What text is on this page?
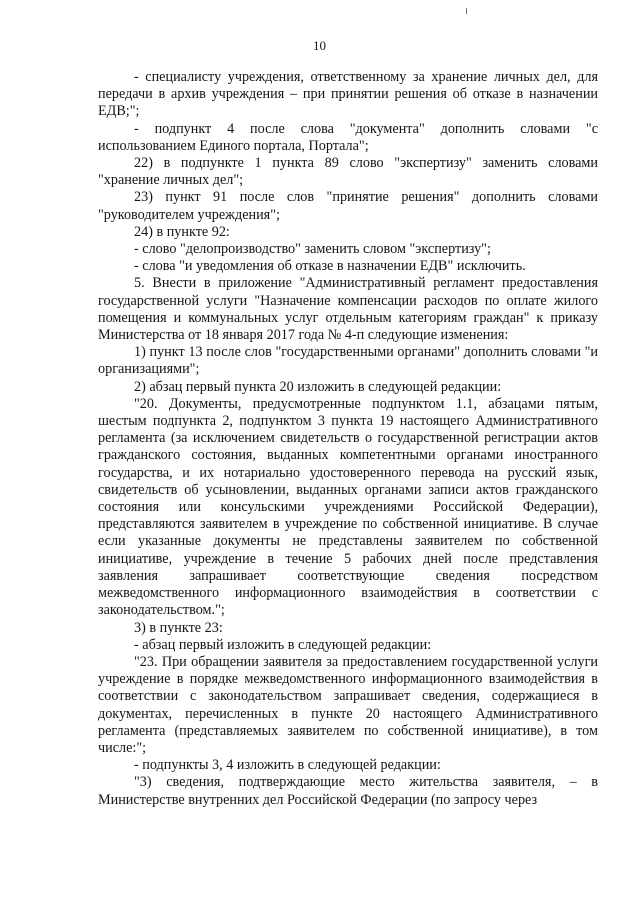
10

- специалисту учреждения, ответственному за хранение личных дел, для передачи в архив учреждения – при принятии решения об отказе в назначении ЕДВ;";

- подпункт 4 после слова "документа" дополнить словами "с использованием Единого портала, Портала";

22) в подпункте 1 пункта 89 слово "экспертизу" заменить словами "хранение личных дел";

23) пункт 91 после слов "принятие решения" дополнить словами "руководителем учреждения";

24) в пункте 92:

- слово "делопроизводство" заменить словом "экспертизу";

- слова "и уведомления об отказе в назначении ЕДВ" исключить.

5. Внести в приложение "Административный регламент предоставления государственной услуги "Назначение компенсации расходов по оплате жилого помещения и коммунальных услуг отдельным категориям граждан" к приказу Министерства от 18 января 2017 года № 4-п следующие изменения:

1) пункт 13 после слов "государственными органами" дополнить словами "и организациями";

2) абзац первый пункта 20 изложить в следующей редакции:

"20. Документы, предусмотренные подпунктом 1.1, абзацами пятым, шестым подпункта 2, подпунктом 3 пункта 19 настоящего Административного регламента (за исключением свидетельств о государственной регистрации актов гражданского состояния, выданных компетентными органами иностранного государства, и их нотариально удостоверенного перевода на русский язык, свидетельств об усыновлении, выданных органами записи актов гражданского состояния или консульскими учреждениями Российской Федерации), представляются заявителем в учреждение по собственной инициативе. В случае если указанные документы не представлены заявителем по собственной инициативе, учреждение в течение 5 рабочих дней после представления заявления запрашивает соответствующие сведения посредством межведомственного информационного взаимодействия в соответствии с законодательством.";

3) в пункте 23:

- абзац первый изложить в следующей редакции:

"23. При обращении заявителя за предоставлением государственной услуги учреждение в порядке межведомственного информационного взаимодействия в соответствии с законодательством запрашивает сведения, содержащиеся в документах, перечисленных в пункте 20 настоящего Административного регламента (представляемых заявителем по собственной инициативе), в том числе:";

- подпункты 3, 4 изложить в следующей редакции:

"3) сведения, подтверждающие место жительства заявителя, – в Министерстве внутренних дел Российской Федерации (по запросу через
